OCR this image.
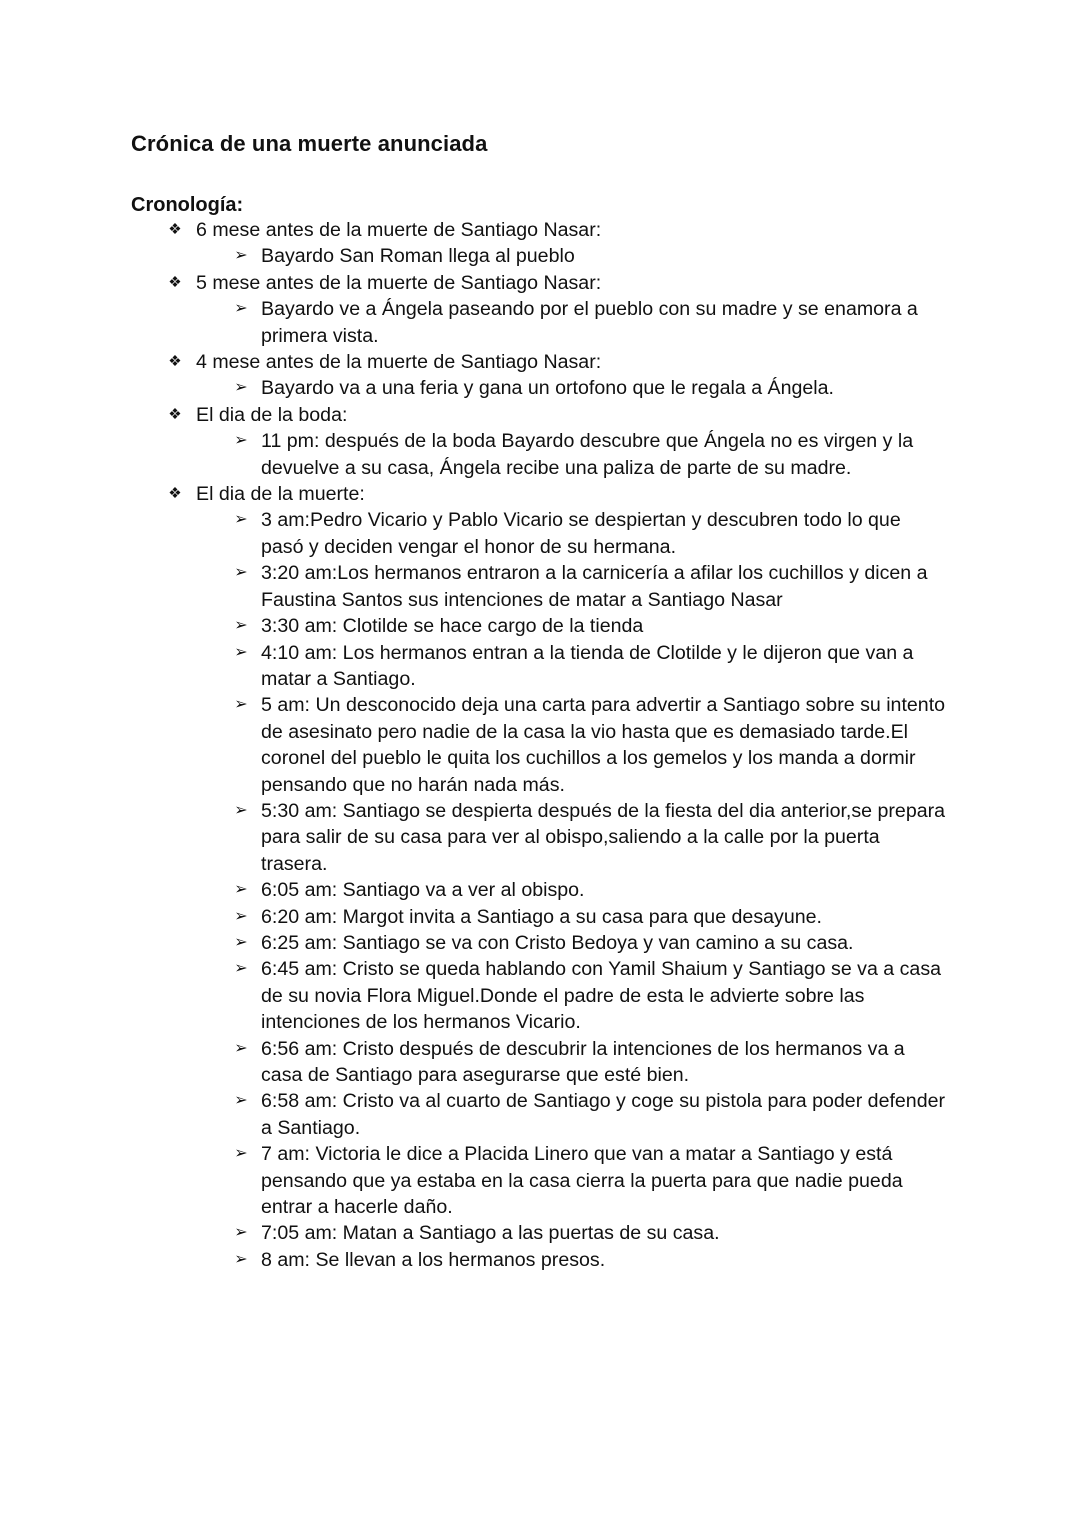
Crónica de una muerte anunciada
Cronología:
❖ 6 mese antes de la muerte de Santiago Nasar:
➢ Bayardo San Roman llega al pueblo
❖ 5 mese antes de la muerte de Santiago Nasar:
➢ Bayardo ve a Ángela paseando por el pueblo con su madre y se enamora a primera vista.
❖ 4 mese antes de la muerte de Santiago Nasar:
➢ Bayardo va a una feria y gana un ortofono que le regala a Ángela.
❖ El dia de la boda:
➢ 11 pm: después de la boda Bayardo descubre que Ángela no es virgen y la devuelve a su casa, Ángela recibe una paliza de parte de su madre.
❖ El dia de la muerte:
➢ 3 am:Pedro Vicario y Pablo Vicario se despiertan y descubren todo lo que pasó y deciden vengar el honor de su hermana.
➢ 3:20 am:Los hermanos entraron a la carnicería a afilar los cuchillos y dicen a Faustina Santos sus intenciones de matar a Santiago Nasar
➢ 3:30 am: Clotilde se hace cargo de la tienda
➢ 4:10 am: Los hermanos entran a la tienda de Clotilde y le dijeron que van a matar a Santiago.
➢ 5 am: Un desconocido deja una carta para advertir a Santiago sobre su intento de asesinato pero nadie de la casa la vio hasta que es demasiado tarde.El coronel del pueblo le quita los cuchillos a los gemelos y los manda a dormir pensando que no harán nada más.
➢ 5:30 am: Santiago se despierta después de la fiesta del dia anterior,se prepara para salir de su casa para ver al obispo,saliendo a la calle por la puerta trasera.
➢ 6:05 am: Santiago va a ver al obispo.
➢ 6:20 am: Margot invita a Santiago a su casa para que desayune.
➢ 6:25 am: Santiago se va con Cristo Bedoya y van camino a su casa.
➢ 6:45 am: Cristo se queda hablando con Yamil Shaium y Santiago se va a casa de su novia Flora Miguel.Donde el padre de esta le advierte sobre las intenciones de los hermanos Vicario.
➢ 6:56 am: Cristo después de descubrir la intenciones de los hermanos va a casa de Santiago para asegurarse que esté bien.
➢ 6:58 am: Cristo va al cuarto de Santiago y coge su pistola para poder defender a Santiago.
➢ 7 am: Victoria le dice a Placida Linero que van a matar a Santiago y está pensando que ya estaba en la casa cierra la puerta para que nadie pueda entrar a hacerle daño.
➢ 7:05 am: Matan a Santiago a las puertas de su casa.
➢ 8 am: Se llevan a los hermanos presos.
